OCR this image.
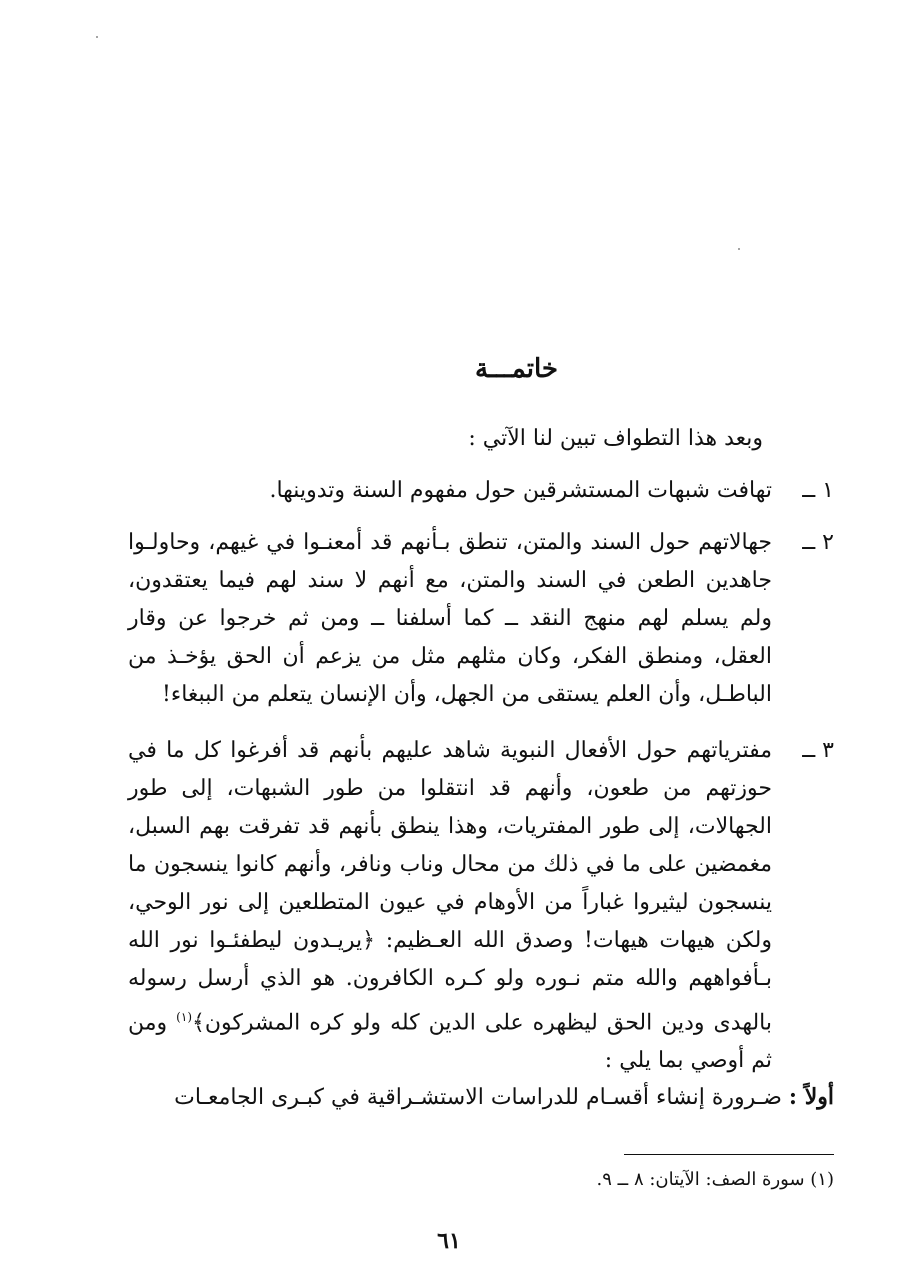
خاتمـــة
وبعد هذا التطواف تبين لنا الآتي :
١ ــ
تهافت شبهات المستشرقين حول مفهوم السنة وتدوينها.
٢ ــ
جهالاتهم حول السند والمتن، تنطق بـأنهم قد أمعنـوا في غيهم، وحاولـوا جاهدين الطعن في السند والمتن، مع أنهم لا سند لهم فيما يعتقدون، ولم يسلم لهم منهج النقد ــ كما أسلفنا ــ ومن ثم خرجوا عن وقار العقل، ومنطق الفكر، وكان مثلهم مثل من يزعم أن الحق يؤخـذ من الباطـل، وأن العلم يستقى من الجهل، وأن الإنسان يتعلم من الببغاء!
٣ ــ
مفترياتهم حول الأفعال النبوية شاهد عليهم بأنهم قد أفرغوا كل ما في حوزتهم من طعون، وأنهم قد انتقلوا من طور الشبهات، إلى طور الجهالات، إلى طور المفتريات، وهذا ينطق بأنهم قد تفرقت بهم السبل، مغمضين على ما في ذلك من محال وناب ونافر، وأنهم كانوا ينسجون ما ينسجون ليثيروا غباراً من الأوهام في عيون المتطلعين إلى نور الوحي، ولكن هيهات هيهات! وصدق الله العـظيم: ﴿يريـدون ليطفئـوا نور الله بـأفواههم والله متم نـوره ولو كـره الكافرون. هو الذي أرسل رسوله بالهدى ودين الحق ليظهره على الدين كله ولو كره المشركون﴾$^{(١)}$ ومن ثم أوصي بما يلي :
أولاً : ضـرورة إنشاء أقسـام للدراسات الاستشـراقية في كبـرى الجامعـات
(١) سورة الصف: الآيتان: ٨ ــ ٩.
٦١
